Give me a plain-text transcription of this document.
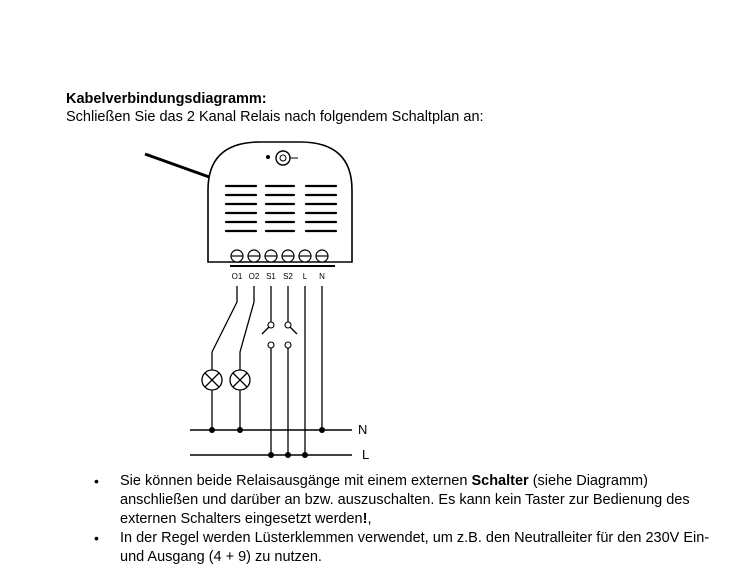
Kabelverbindungsdiagramm:
Schließen Sie das 2 Kanal Relais nach folgendem Schaltplan an:
O1 O2 S1 S2 L N
N
L
• Sie können beide Relaisausgänge mit einem externen Schalter (siehe Diagramm) anschließen und darüber an bzw. auszuschalten. Es kann kein Taster zur Bedienung des externen Schalters eingesetzt werden!,
• In der Regel werden Lüsterklemmen verwendet, um z.B. den Neutralleiter für den 230V Ein- und Ausgang (4 + 9) zu nutzen.
